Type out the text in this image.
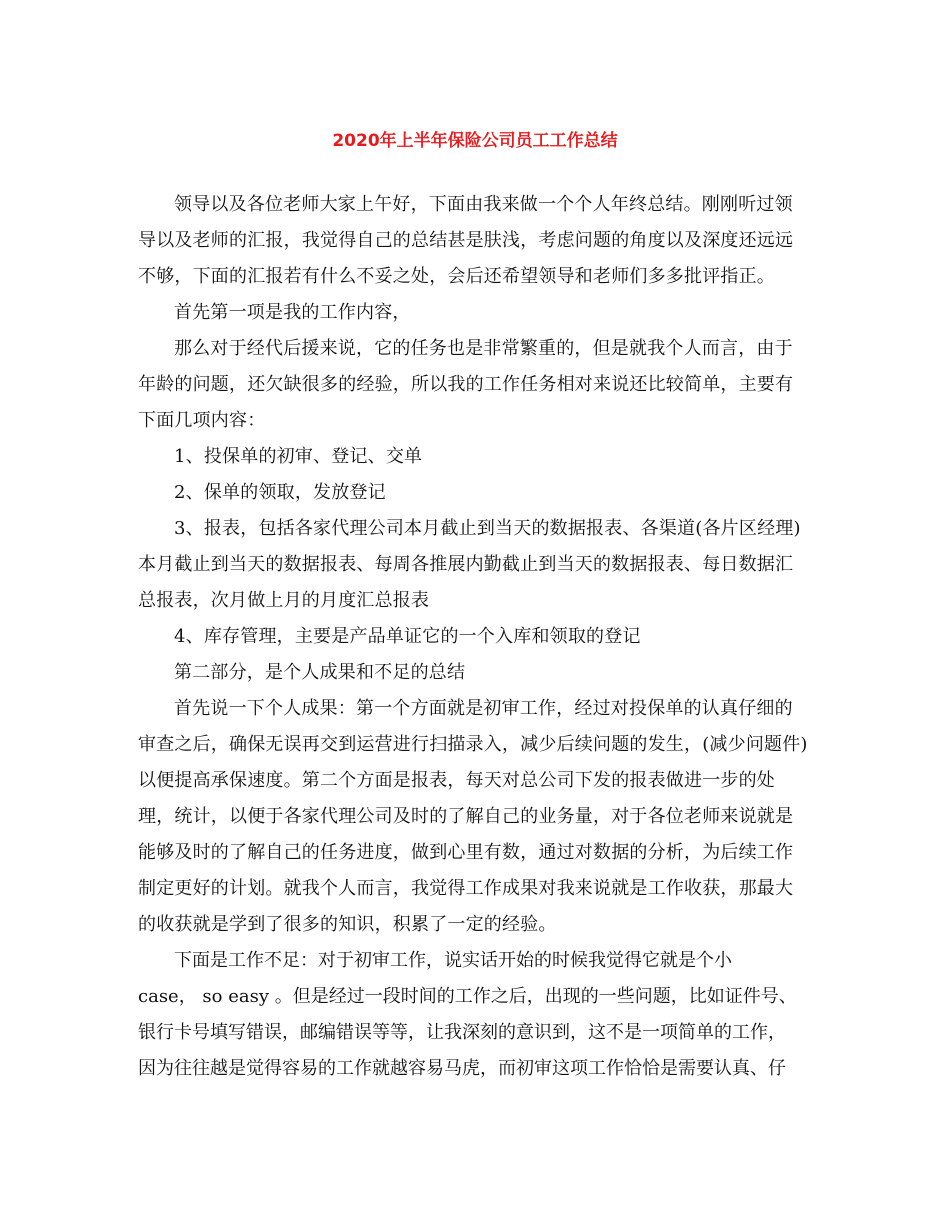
2020年上半年保险公司员工工作总结

领导以及各位老师大家上午好，下面由我来做一个个人年终总结。刚刚听过领导以及老师的汇报，我觉得自己的总结甚是肤浅，考虑问题的角度以及深度还远远不够，下面的汇报若有什么不妥之处，会后还希望领导和老师们多多批评指正。

首先第一项是我的工作内容，

那么对于经代后援来说，它的任务也是非常繁重的，但是就我个人而言，由于年龄的问题，还欠缺很多的经验，所以我的工作任务相对来说还比较简单，主要有下面几项内容：

1、投保单的初审、登记、交单

2、保单的领取，发放登记

3、报表，包括各家代理公司本月截止到当天的数据报表、各渠道(各片区经理)本月截止到当天的数据报表、每周各推展内勤截止到当天的数据报表、每日数据汇总报表，次月做上月的月度汇总报表

4、库存管理，主要是产品单证它的一个入库和领取的登记

第二部分，是个人成果和不足的总结

首先说一下个人成果：第一个方面就是初审工作，经过对投保单的认真仔细的审查之后，确保无误再交到运营进行扫描录入，减少后续问题的发生，(减少问题件)以便提高承保速度。第二个方面是报表，每天对总公司下发的报表做进一步的处理，统计，以便于各家代理公司及时的了解自己的业务量，对于各位老师来说就是能够及时的了解自己的任务进度，做到心里有数，通过对数据的分析，为后续工作制定更好的计划。就我个人而言，我觉得工作成果对我来说就是工作收获，那最大的收获就是学到了很多的知识，积累了一定的经验。

下面是工作不足：对于初审工作，说实话开始的时候我觉得它就是个小

case， so easy 。但是经过一段时间的工作之后，出现的一些问题，比如证件号、

银行卡号填写错误，邮编错误等等，让我深刻的意识到，这不是一项简单的工作，

因为往往越是觉得容易的工作就越容易马虎，而初审这项工作恰恰是需要认真、仔
